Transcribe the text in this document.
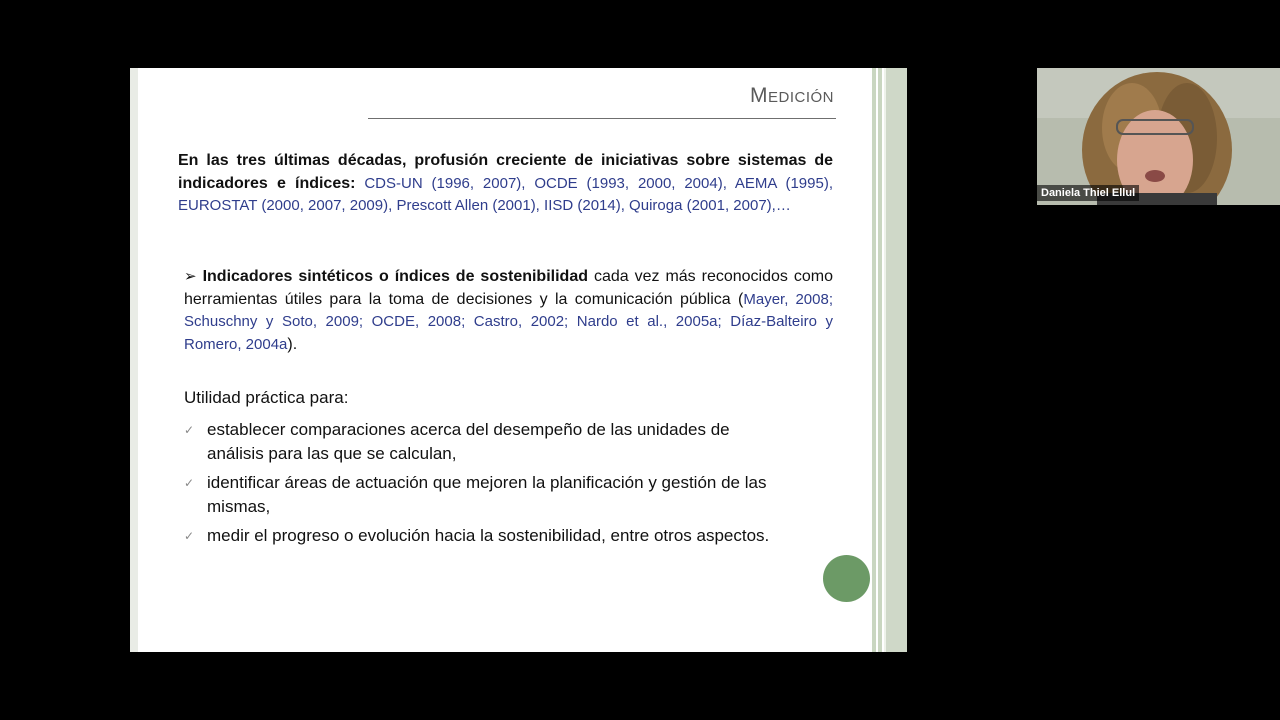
Medición
En las tres últimas décadas, profusión creciente de iniciativas sobre sistemas de indicadores e índices: CDS-UN (1996, 2007), OCDE (1993, 2000, 2004), AEMA (1995), EUROSTAT (2000, 2007, 2009), Prescott Allen (2001), IISD (2014), Quiroga (2001, 2007),…
➢ Indicadores sintéticos o índices de sostenibilidad cada vez más reconocidos como herramientas útiles para la toma de decisiones y la comunicación pública (Mayer, 2008; Schuschny y Soto, 2009; OCDE, 2008; Castro, 2002; Nardo et al., 2005a; Díaz-Balteiro y Romero, 2004a).
Utilidad práctica para:
✓ establecer comparaciones acerca del desempeño de las unidades de análisis para las que se calculan,
✓ identificar áreas de actuación que mejoren la planificación y gestión de las mismas,
✓ medir el progreso o evolución hacia la sostenibilidad, entre otros aspectos.
Daniela Thiel Ellul
